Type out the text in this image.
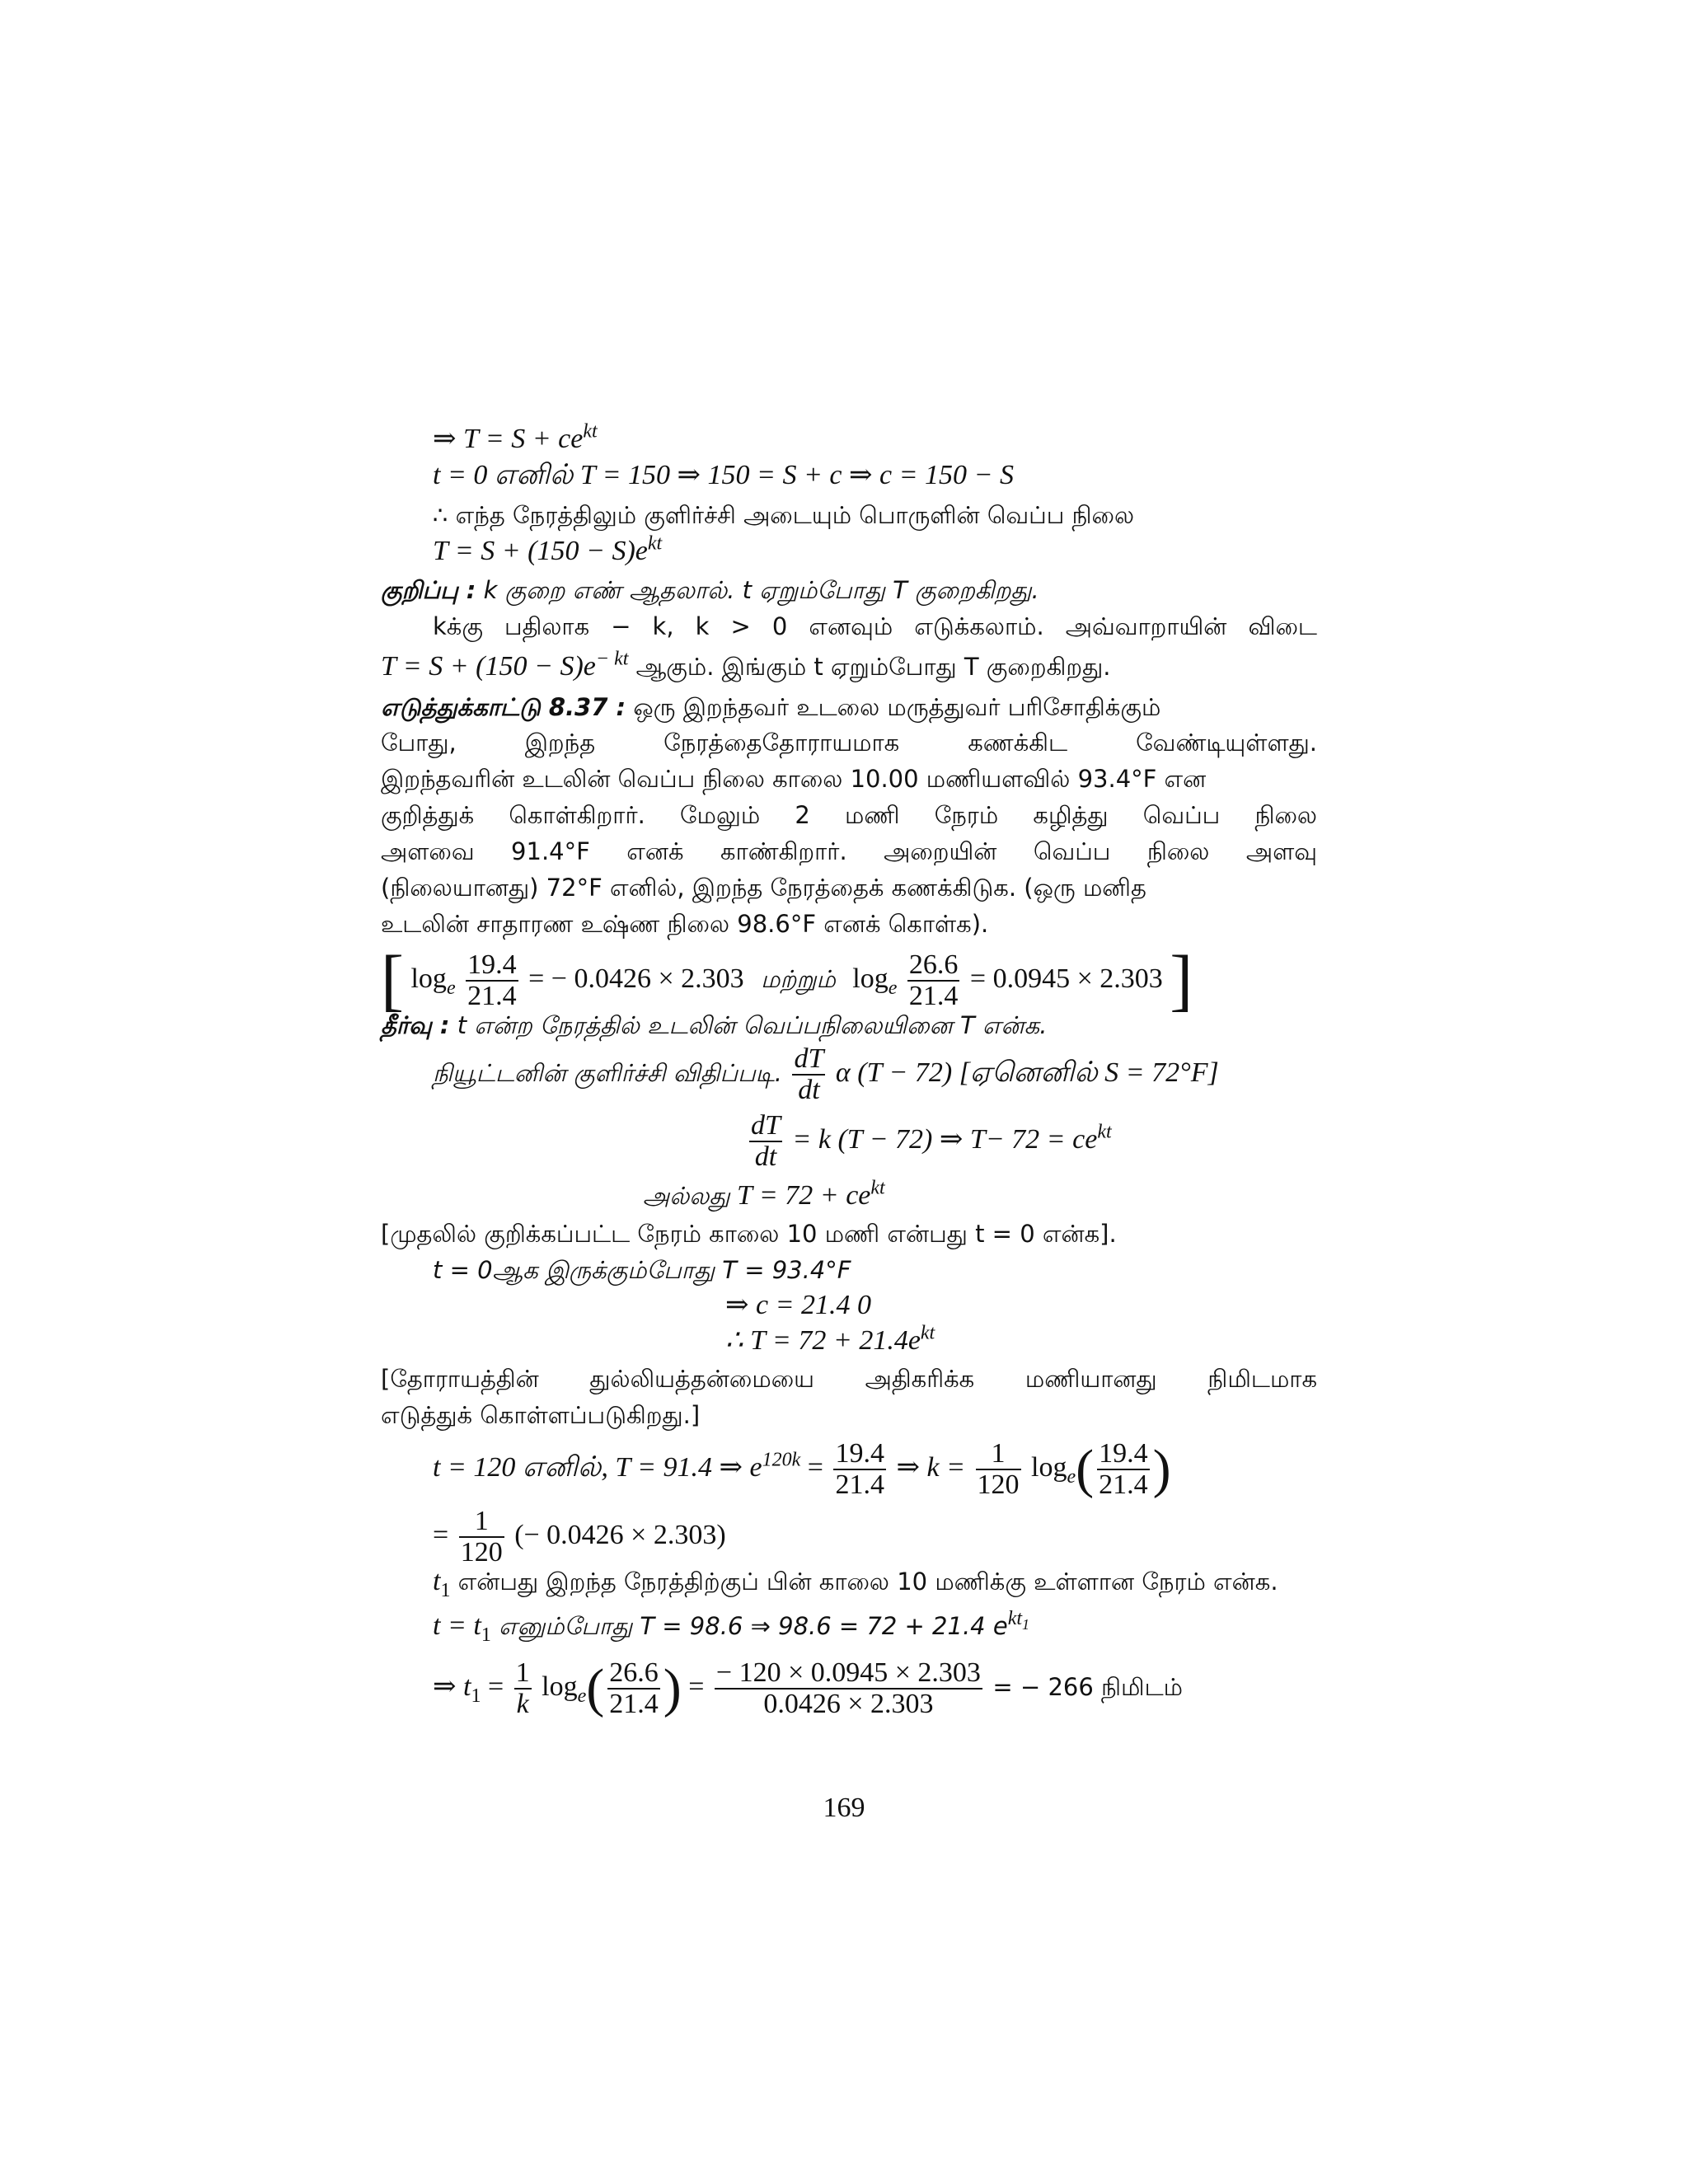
⇒ $T = S + ce^{kt}$
t = 0 எனில் T = 150 ⇒ 150 = S + c ⇒ c = 150 − S
∴ எந்த நேரத்திலும் குளிர்ச்சி அடையும் பொருளின் வெப்ப நிலை
$T = S + (150 - S)e^{kt}$
குறிப்பு : k குறை எண் ஆதலால். t ஏறும்போது T குறைகிறது.
kக்கு பதிலாக − k, k > 0 எனவும் எடுக்கலாம். அவ்வாறாயின் விடை
$T = S + (150 - S)e^{- kt}$ ஆகும். இங்கும் t ஏறும்போது T குறைகிறது.
எடுத்துக்காட்டு 8.37 : ஒரு இறந்தவர் உடலை மருத்துவர் பரிசோதிக்கும்
போது, இறந்த நேரத்தைதோராயமாக கணக்கிட வேண்டியுள்ளது.
இறந்தவரின் உடலின் வெப்ப நிலை காலை 10.00 மணியளவில் 93.4°F என
குறித்துக் கொள்கிறார். மேலும் 2 மணி நேரம் கழித்து வெப்ப நிலை
அளவை 91.4°F எனக் காண்கிறார். அறையின் வெப்ப நிலை அளவு
(நிலையானது) 72°F எனில், இறந்த நேரத்தைக் கணக்கிடுக. (ஒரு மனித
உடலின் சாதாரண உஷ்ண நிலை 98.6°F எனக் கொள்க).
[ $\log_e \frac{19.4}{21.4}$ = − 0.0426 × 2.303 மற்றும் $\log_e \frac{26.6}{21.4} = 0.0945 \times 2.303$ ]
தீர்வு : t என்ற நேரத்தில் உடலின் வெப்பநிலையினை T என்க.
நியூட்டனின் குளிர்ச்சி விதிப்படி. $\frac{dT}{dt}$ α (T − 72) [ஏனெனில் S = 72°F]
$\frac{dT}{dt} = k$ (T − 72) ⇒ $T- 72 = ce^{kt}$
அல்லது $T = 72 + ce^{kt}$
[முதலில் குறிக்கப்பட்ட நேரம் காலை 10 மணி என்பது t = 0 என்க].
t = 0ஆக இருக்கும்போது T = 93.4°F
⇒ c = 21.4 0
∴ $T = 72 + 21.4e^{kt}$
[தோராயத்தின் துல்லியத்தன்மையை அதிகரிக்க மணியானது நிமிடமாக
எடுத்துக் கொள்ளப்படுகிறது.]
t = 120 எனில், T = 91.4 ⇒ $e^{120k} = \frac{19.4}{21.4}$ ⇒ $k = \frac{1}{120} \log_e( \frac{19.4}{21.4}$ )
= $\frac{1}{120}$ (− 0.0426 × 2.303)
$t_1$ என்பது இறந்த நேரத்திற்குப் பின் காலை 10 மணிக்கு உள்ளான நேரம் என்க.
$t = t_1$ எனும்போது T = 98.6 ⇒ 98.6 = 72 + 21.4 $e^{kt_1}$
⇒ $t_1 = \frac{1}{k} \log_e( \frac{26.6}{21.4}$ ) = $\frac{- 120 \times 0.0945 \times 2.303}{0.0426 \times 2.303}$ = − 266 நிமிடம்
169
